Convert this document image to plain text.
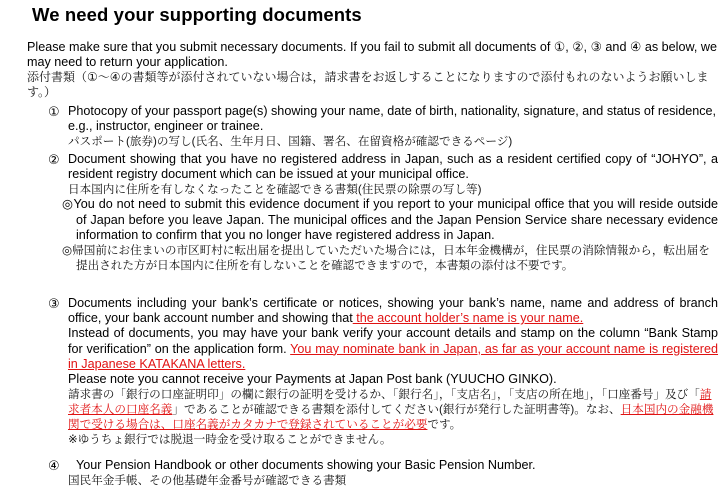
We need your supporting documents

Please make sure that you submit necessary documents. If you fail to submit all documents of ①, ②, ③ and ④ as below, we may need to return your application.

添付書類（①～④の書類等が添付されていない場合は，請求書をお返しすることになりますので添付もれのないようお願いします。）

① Photocopy of your passport page(s) showing your name, date of birth, nationality, signature, and status of residence, e.g., instructor, engineer or trainee.

パスポート(旅券)の写し(氏名、生年月日、国籍、署名、在留資格が確認できるページ)

② Document showing that you have no registered address in Japan, such as a resident certified copy of “JOHYO”, a resident registry document which can be issued at your municipal office.

日本国内に住所を有しなくなったことを確認できる書類(住民票の除票の写し等)

◎You do not need to submit this evidence document if you report to your municipal office that you will reside outside of Japan before you leave Japan. The municipal offices and the Japan Pension Service share necessary evidence information to confirm that you no longer have registered address in Japan.

◎帰国前にお住まいの市区町村に転出届を提出していただいた場合には，日本年金機構が，住民票の消除情報から，転出届を提出された方が日本国内に住所を有しないことを確認できますので，本書類の添付は不要です。

③ Documents including your bank’s certificate or notices, showing your bank’s name, name and address of branch office, your bank account number and showing that the account holder’s name is your name.

Instead of documents, you may have your bank verify your account details and stamp on the column “Bank Stamp for verification” on the application form. You may nominate bank in Japan, as far as your account name is registered in Japanese KATAKANA letters.

Please note you cannot receive your Payments at Japan Post bank (YUUCHO GINKO).

請求書の「銀行の口座証明印」の欄に銀行の証明を受けるか、「銀行名」，「支店名」，「支店の所在地」，「口座番号」及び「請求者本人の口座名義」であることが確認できる書類を添付してください(銀行が発行した証明書等)。なお、日本国内の金融機関で受ける場合は、口座名義がカタカナで登録されていることが必要です。

※ゆうちょ銀行では脱退一時金を受け取ることができません。

④	Your Pension Handbook or other documents showing your Basic Pension Number.

国民年金手帳、その他基礎年金番号が確認できる書類
